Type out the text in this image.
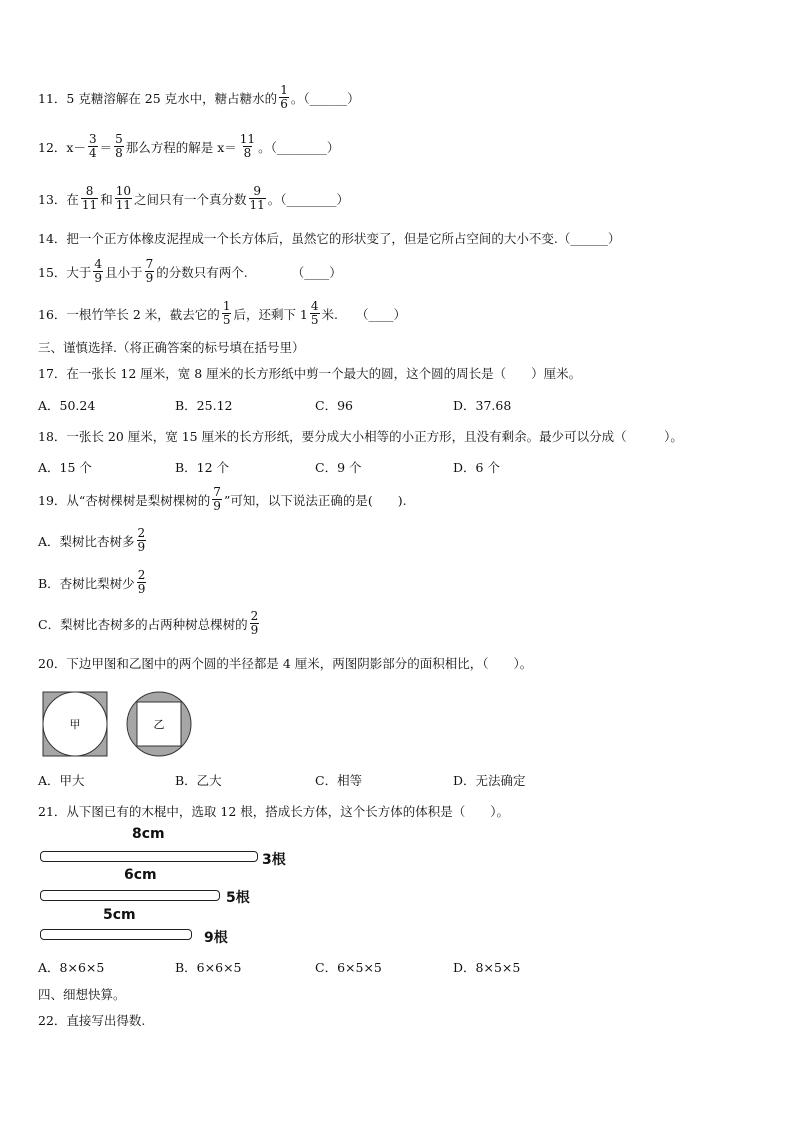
11．5 克糖溶解在 25 克水中，糖占糖水的 $\frac{1}{6}$ 。（______）
12．$x- \frac{3}{4} = \frac{5}{8}$ 那么方程的解是 $x= \frac{11}{8}$ 。（________）
13．在 $\frac{8}{11}$ 和 $\frac{10}{11}$ 之间只有一个真分数 $\frac{9}{11}$ 。（________）
14．把一个正方体橡皮泥捏成一个长方体后，虽然它的形状变了，但是它所占空间的大小不变.（______）
15．大于 $\frac{4}{9}$ 且小于 $\frac{7}{9}$ 的分数只有两个.	（____）
16．一根竹竿长 2 米，截去它的 $\frac{1}{5}$ 后，还剩下 $1 \frac{4}{5}$ 米. （____）
三、谨慎选择.（将正确答案的标号填在括号里）
17．在一张长 12 厘米，宽 8 厘米的长方形纸中剪一个最大的圆，这个圆的周长是（　　）厘米。
A．50.24	B．25.12	C．96	D．37.68
18．一张长 20 厘米，宽 15 厘米的长方形纸，要分成大小相等的小正方形，且没有剩余。最少可以分成（　　　）。
A．15 个	B．12 个	C．9 个	D．6 个
19．从“杏树棵树是梨树棵树的 $\frac{7}{9}$ ”可知，以下说法正确的是(　　).
A．梨树比杏树多 $\frac{2}{9}$
B．杏树比梨树少 $\frac{2}{9}$
C．梨树比杏树多的占两种树总棵树的 $\frac{2}{9}$
20．下边甲图和乙图中的两个圆的半径都是 4 厘米，两图阴影部分的面积相比，（　　）。
甲	乙
A．甲大	B．乙大	C．相等	D．无法确定
21．从下图已有的木棍中，选取 12 根，搭成长方体，这个长方体的体积是（　　）。
8cm
3根
6cm
5根
5cm
9根
A．8×6×5	B．6×6×5	C．6×5×5	D．8×5×5
四、细想快算。
22．直接写出得数.
